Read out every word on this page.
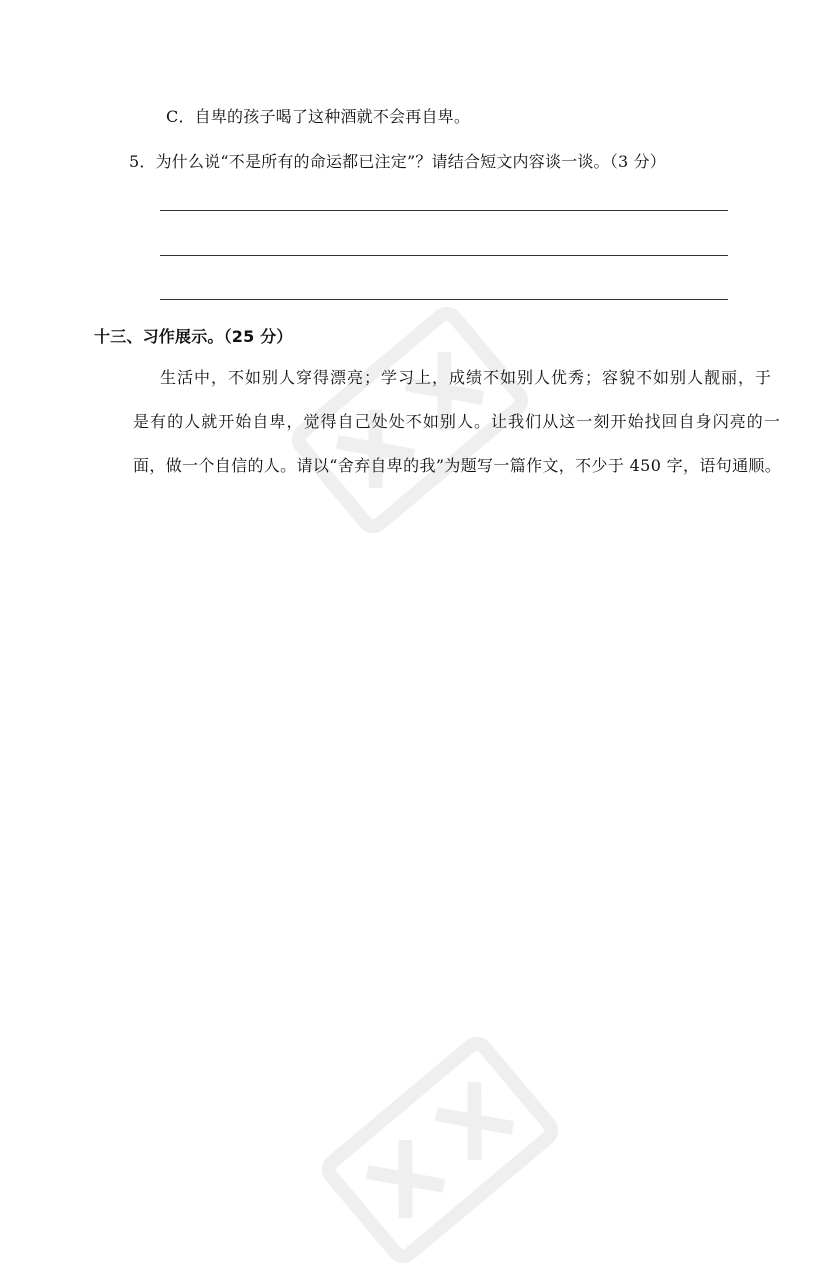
C．自卑的孩子喝了这种酒就不会再自卑。
5．为什么说“不是所有的命运都已注定”？请结合短文内容谈一谈。（3 分）
十三、习作展示。（25 分）
生活中，不如别人穿得漂亮；学习上，成绩不如别人优秀；容貌不如别人靓丽，于
是有的人就开始自卑，觉得自己处处不如别人。让我们从这一刻开始找回自身闪亮的一
面，做一个自信的人。请以“舍弃自卑的我”为题写一篇作文，不少于 450 字，语句通顺。
